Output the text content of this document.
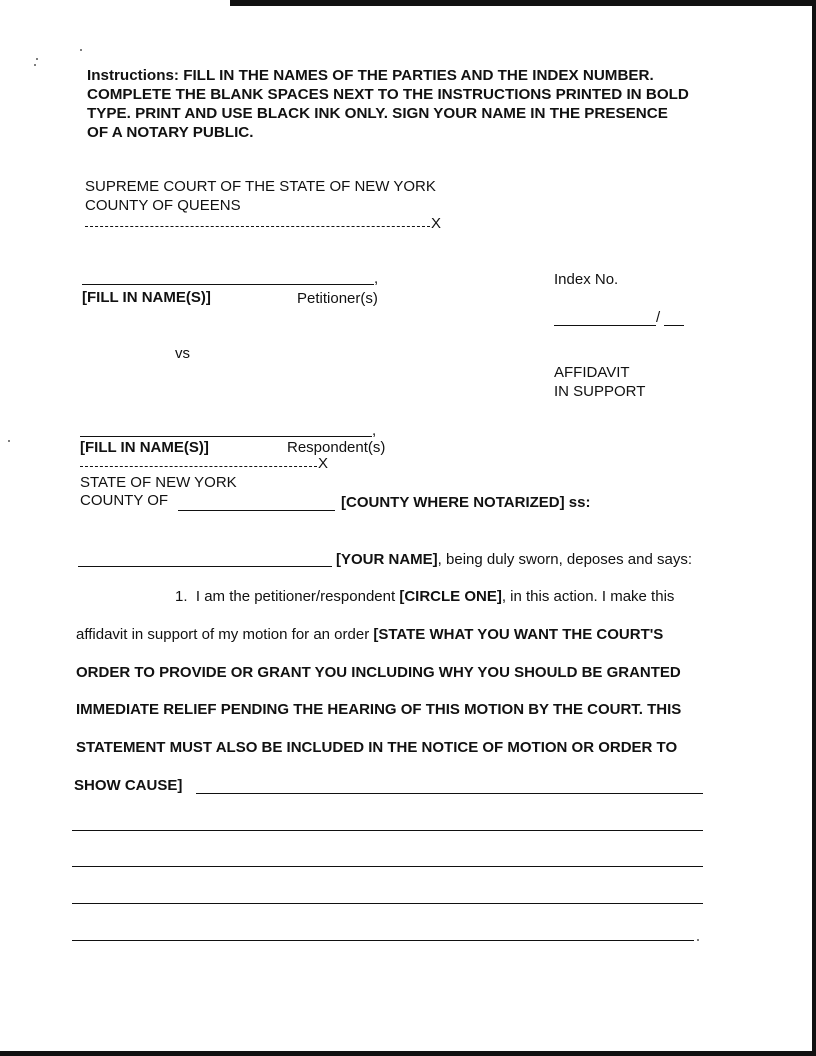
Instructions: FILL IN THE NAMES OF THE PARTIES AND THE INDEX NUMBER.
COMPLETE THE BLANK SPACES NEXT TO THE INSTRUCTIONS PRINTED IN BOLD
TYPE. PRINT AND USE BLACK INK ONLY. SIGN YOUR NAME IN THE PRESENCE
OF A NOTARY PUBLIC.
SUPREME COURT OF THE STATE OF NEW YORK
COUNTY OF QUEENS
X
,
[FILL IN NAME(S)]	Petitioner(s)
Index No.
/
vs
AFFIDAVIT
IN SUPPORT
,
[FILL IN NAME(S)]	Respondent(s)
X
STATE OF NEW YORK
COUNTY OF	[COUNTY WHERE NOTARIZED] ss:
[YOUR NAME], being duly sworn, deposes and says:
1. I am the petitioner/respondent [CIRCLE ONE], in this action. I make this
affidavit in support of my motion for an order [STATE WHAT YOU WANT THE COURT'S
ORDER TO PROVIDE OR GRANT YOU INCLUDING WHY YOU SHOULD BE GRANTED
IMMEDIATE RELIEF PENDING THE HEARING OF THIS MOTION BY THE COURT. THIS
STATEMENT MUST ALSO BE INCLUDED IN THE NOTICE OF MOTION OR ORDER TO
SHOW CAUSE]
